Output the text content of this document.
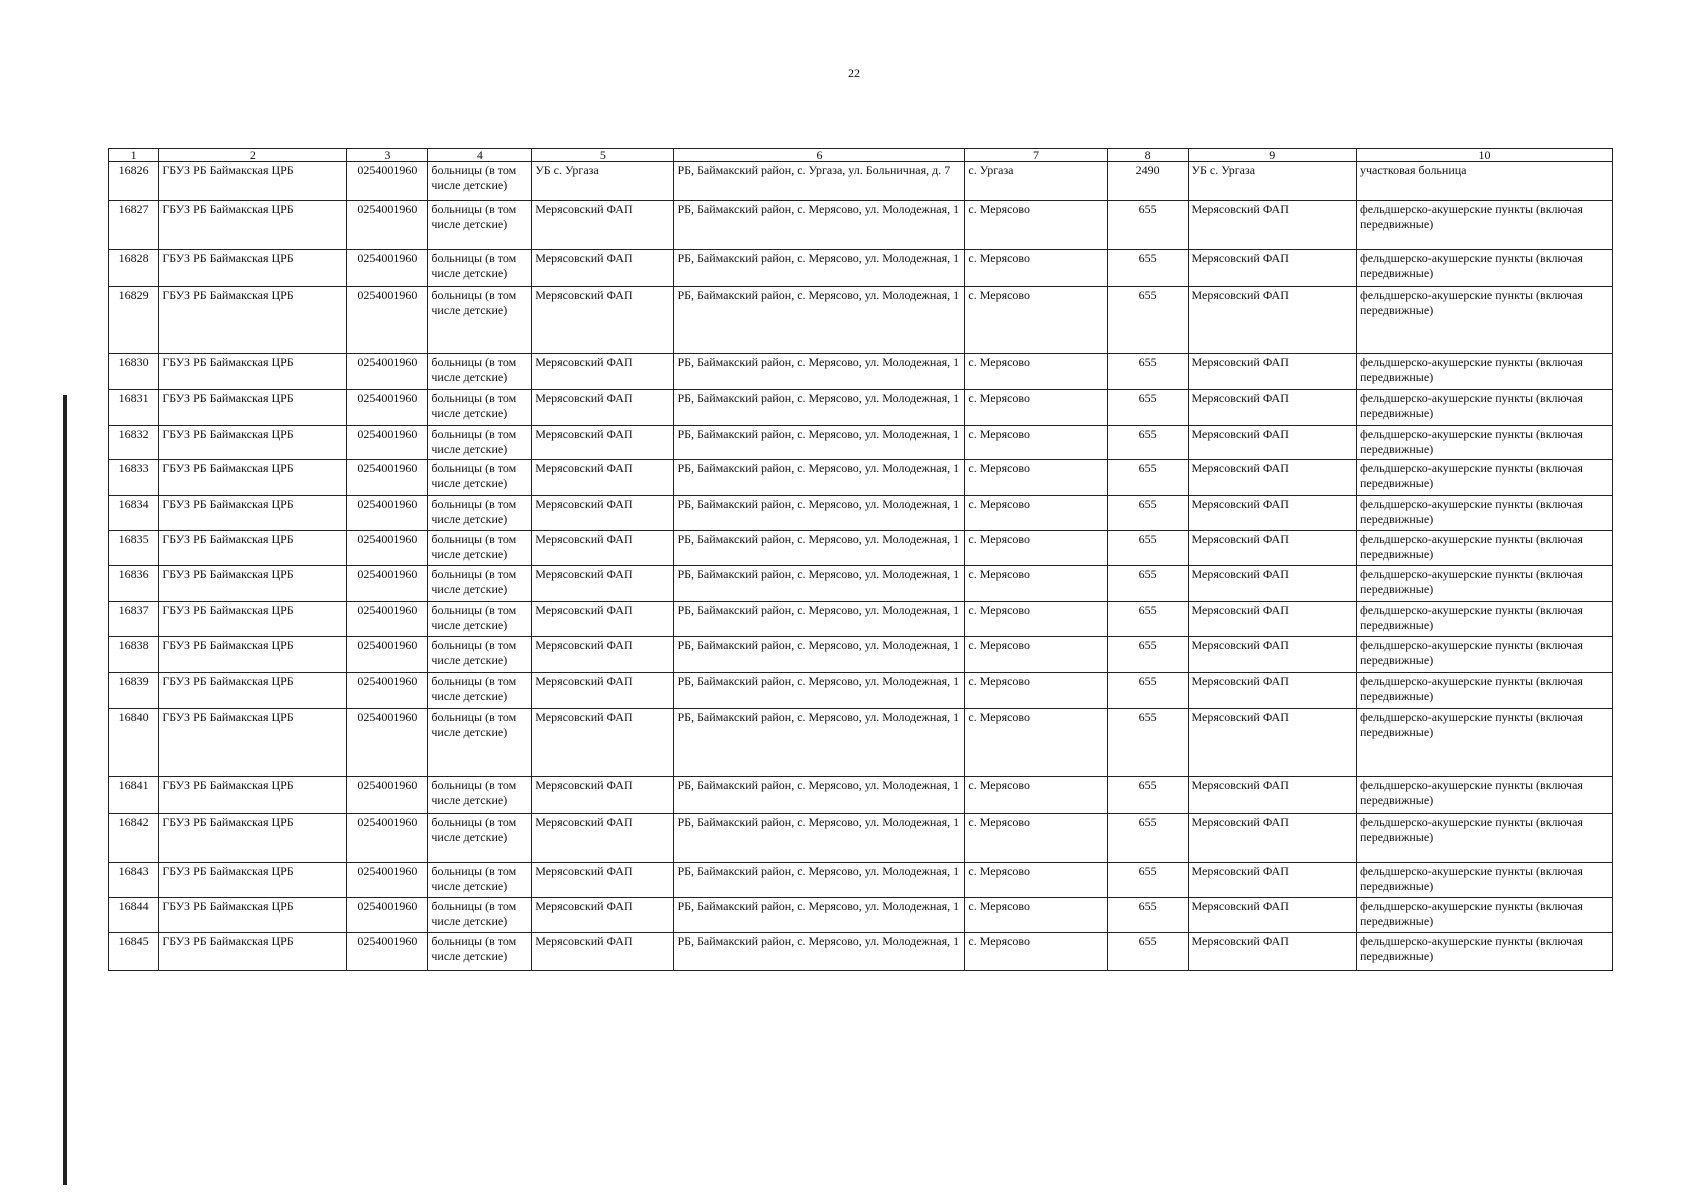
22
1	2	3	4	5	6	7	8	9	10
16826	ГБУЗ РБ Баймакская ЦРБ	0254001960	больницы (в том числе детские)	УБ с. Ургаза	РБ, Баймакский район, с. Ургаза, ул. Больничная, д. 7	с. Ургаза	2490	УБ с. Ургаза	участковая больница
16827	ГБУЗ РБ Баймакская ЦРБ	0254001960	больницы (в том числе детские)	Мерясовский ФАП	РБ, Баймакский район, с. Мерясово, ул. Молодежная, 1	с. Мерясово	655	Мерясовский ФАП	фельдшерско-акушерские пункты (включая передвижные)
16828	ГБУЗ РБ Баймакская ЦРБ	0254001960	больницы (в том числе детские)	Мерясовский ФАП	РБ, Баймакский район, с. Мерясово, ул. Молодежная, 1	с. Мерясово	655	Мерясовский ФАП	фельдшерско-акушерские пункты (включая передвижные)
16829	ГБУЗ РБ Баймакская ЦРБ	0254001960	больницы (в том числе детские)	Мерясовский ФАП	РБ, Баймакский район, с. Мерясово, ул. Молодежная, 1	с. Мерясово	655	Мерясовский ФАП	фельдшерско-акушерские пункты (включая передвижные)
16830	ГБУЗ РБ Баймакская ЦРБ	0254001960	больницы (в том числе детские)	Мерясовский ФАП	РБ, Баймакский район, с. Мерясово, ул. Молодежная, 1	с. Мерясово	655	Мерясовский ФАП	фельдшерско-акушерские пункты (включая передвижные)
16831	ГБУЗ РБ Баймакская ЦРБ	0254001960	больницы (в том числе детские)	Мерясовский ФАП	РБ, Баймакский район, с. Мерясово, ул. Молодежная, 1	с. Мерясово	655	Мерясовский ФАП	фельдшерско-акушерские пункты (включая передвижные)
16832	ГБУЗ РБ Баймакская ЦРБ	0254001960	больницы (в том числе детские)	Мерясовский ФАП	РБ, Баймакский район, с. Мерясово, ул. Молодежная, 1	с. Мерясово	655	Мерясовский ФАП	фельдшерско-акушерские пункты (включая передвижные)
16833	ГБУЗ РБ Баймакская ЦРБ	0254001960	больницы (в том числе детские)	Мерясовский ФАП	РБ, Баймакский район, с. Мерясово, ул. Молодежная, 1	с. Мерясово	655	Мерясовский ФАП	фельдшерско-акушерские пункты (включая передвижные)
16834	ГБУЗ РБ Баймакская ЦРБ	0254001960	больницы (в том числе детские)	Мерясовский ФАП	РБ, Баймакский район, с. Мерясово, ул. Молодежная, 1	с. Мерясово	655	Мерясовский ФАП	фельдшерско-акушерские пункты (включая передвижные)
16835	ГБУЗ РБ Баймакская ЦРБ	0254001960	больницы (в том числе детские)	Мерясовский ФАП	РБ, Баймакский район, с. Мерясово, ул. Молодежная, 1	с. Мерясово	655	Мерясовский ФАП	фельдшерско-акушерские пункты (включая передвижные)
16836	ГБУЗ РБ Баймакская ЦРБ	0254001960	больницы (в том числе детские)	Мерясовский ФАП	РБ, Баймакский район, с. Мерясово, ул. Молодежная, 1	с. Мерясово	655	Мерясовский ФАП	фельдшерско-акушерские пункты (включая передвижные)
16837	ГБУЗ РБ Баймакская ЦРБ	0254001960	больницы (в том числе детские)	Мерясовский ФАП	РБ, Баймакский район, с. Мерясово, ул. Молодежная, 1	с. Мерясово	655	Мерясовский ФАП	фельдшерско-акушерские пункты (включая передвижные)
16838	ГБУЗ РБ Баймакская ЦРБ	0254001960	больницы (в том числе детские)	Мерясовский ФАП	РБ, Баймакский район, с. Мерясово, ул. Молодежная, 1	с. Мерясово	655	Мерясовский ФАП	фельдшерско-акушерские пункты (включая передвижные)
16839	ГБУЗ РБ Баймакская ЦРБ	0254001960	больницы (в том числе детские)	Мерясовский ФАП	РБ, Баймакский район, с. Мерясово, ул. Молодежная, 1	с. Мерясово	655	Мерясовский ФАП	фельдшерско-акушерские пункты (включая передвижные)
16840	ГБУЗ РБ Баймакская ЦРБ	0254001960	больницы (в том числе детские)	Мерясовский ФАП	РБ, Баймакский район, с. Мерясово, ул. Молодежная, 1	с. Мерясово	655	Мерясовский ФАП	фельдшерско-акушерские пункты (включая передвижные)
16841	ГБУЗ РБ Баймакская ЦРБ	0254001960	больницы (в том числе детские)	Мерясовский ФАП	РБ, Баймакский район, с. Мерясово, ул. Молодежная, 1	с. Мерясово	655	Мерясовский ФАП	фельдшерско-акушерские пункты (включая передвижные)
16842	ГБУЗ РБ Баймакская ЦРБ	0254001960	больницы (в том числе детские)	Мерясовский ФАП	РБ, Баймакский район, с. Мерясово, ул. Молодежная, 1	с. Мерясово	655	Мерясовский ФАП	фельдшерско-акушерские пункты (включая передвижные)
16843	ГБУЗ РБ Баймакская ЦРБ	0254001960	больницы (в том числе детские)	Мерясовский ФАП	РБ, Баймакский район, с. Мерясово, ул. Молодежная, 1	с. Мерясово	655	Мерясовский ФАП	фельдшерско-акушерские пункты (включая передвижные)
16844	ГБУЗ РБ Баймакская ЦРБ	0254001960	больницы (в том числе детские)	Мерясовский ФАП	РБ, Баймакский район, с. Мерясово, ул. Молодежная, 1	с. Мерясово	655	Мерясовский ФАП	фельдшерско-акушерские пункты (включая передвижные)
16845	ГБУЗ РБ Баймакская ЦРБ	0254001960	больницы (в том числе детские)	Мерясовский ФАП	РБ, Баймакский район, с. Мерясово, ул. Молодежная, 1	с. Мерясово	655	Мерясовский ФАП	фельдшерско-акушерские пункты (включая передвижные)
